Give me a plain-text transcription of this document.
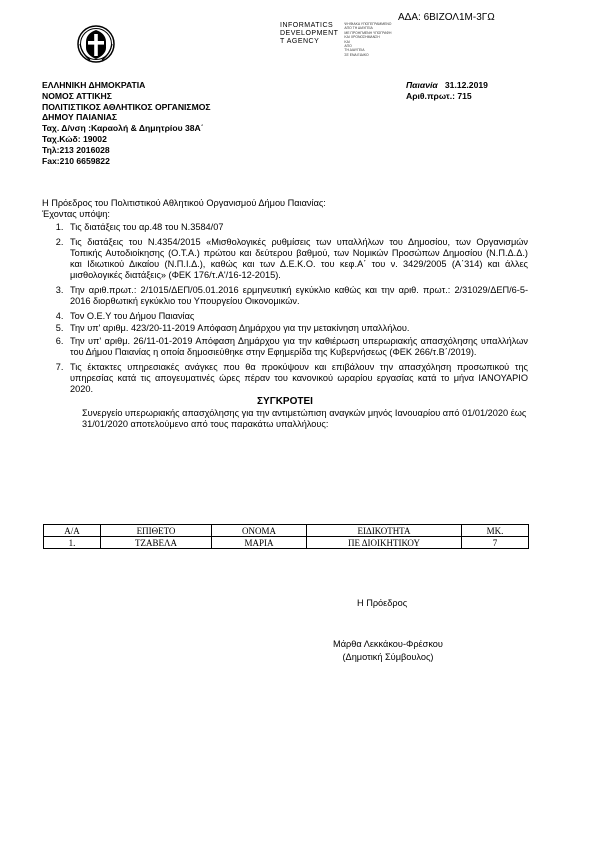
ΑΔΑ: 6ΒΙΖΟΛ1Μ-3ΓΩ
INFORMATICS
DEVELOPMENT
T AGENCY
ΨΗΦΙΑΚΑ ΥΠΟΓΕΓΡΑΜΜΕΝΟ
ΑΠΟ ΤΗ ΔΙΑΥΓΕΙΑ
ΜΕ ΠΡΟΗΓΜΕΝΗ ΥΠΟΓΡΑΦΗ
ΚΑΙ ΧΡΟΝΟΣΗΜΑΝΣΗ
ΚΑΙ
ΑΠΟ
ΤΗ ΔΙΑΥΓΕΙΑ
ΣΕ ΕΝΑ ΕΙΔΙΚΟ
ΕΛΛΗΝΙΚΗ ΔΗΜΟΚΡΑΤΙΑ
ΝΟΜΟΣ ΑΤΤΙΚΗΣ
ΠΟΛΙΤΙΣΤΙΚΟΣ ΑΘΛΗΤΙΚΟΣ ΟΡΓΑΝΙΣΜΟΣ
ΔΗΜΟΥ ΠΑΙΑΝΙΑΣ
Ταχ. Δ/νση :Καραολή & Δημητρίου 38Α΄
Ταχ.Κώδ: 19002
Τηλ:213 2016028
Fax:210 6659822
Παιανία 31.12.2019
Αριθ.πρωτ.: 715

Η Πρόεδρος του Πολιτιστικού Αθλητικού Οργανισμού Δήμου Παιανίας:

Έχοντας υπόψη:

1. Τις διατάξεις του αρ.48 του Ν.3584/07
2. Τις διατάξεις του Ν.4354/2015 «Μισθολογικές ρυθμίσεις των υπαλλήλων του Δημοσίου, των Οργανισμών Τοπικής Αυτοδιοίκησης (Ο.Τ.Α.) πρώτου και δεύτερου βαθμού, των Νομικών Προσώπων Δημοσίου (Ν.Π.Δ.Δ.) και Ιδιωτικού Δικαίου (Ν.Π.Ι.Δ.), καθώς και των Δ.Ε.Κ.Ο. του κεφ.Α΄ του ν. 3429/2005 (Α΄314) και άλλες μισθολογικές διατάξεις» (ΦΕΚ 176/τ.Α'/16-12-2015).
3. Την αριθ.πρωτ.: 2/1015/ΔΕΠ/05.01.2016 ερμηνευτική εγκύκλιο καθώς και την αριθ. πρωτ.: 2/31029/ΔΕΠ/6-5-2016 διορθωτική εγκύκλιο του Υπουργείου Οικονομικών.
4. Τον Ο.Ε.Υ του Δήμου Παιανίας
5. Την υπ' αριθμ. 423/20-11-2019 Απόφαση Δημάρχου για την μετακίνηση υπαλλήλου.
6. Την υπ' αριθμ. 26/11-01-2019 Απόφαση Δημάρχου για την καθιέρωση υπερωριακής απασχόλησης υπαλλήλων του Δήμου Παιανίας η οποία δημοσιεύθηκε στην Εφημερίδα της Κυβερνήσεως (ΦΕΚ 266/τ.Β΄/2019).
7. Τις έκτακτες υπηρεσιακές ανάγκες που θα προκύψουν και επιβάλουν την απασχόληση προσωπικού της υπηρεσίας κατά τις απογευματινές ώρες πέραν του κανονικού ωραρίου εργασίας κατά το μήνα ΙΑΝΟΥΑΡΙΟ 2020.

ΣΥΓΚΡΟΤΕΙ

Συνεργείο υπερωριακής απασχόλησης για την αντιμετώπιση αναγκών μηνός Ιανουαρίου από 01/01/2020 έως 31/01/2020 αποτελούμενο από τους παρακάτω υπαλλήλους:

Α/Α	ΕΠΙΘΕΤΟ	ΟΝΟΜΑ	ΕΙΔΙΚΟΤΗΤΑ	ΜΚ.
1.	ΤΖΑΒΕΛΑ	ΜΑΡΙΑ	ΠΕ ΔΙΟΙΚΗΤΙΚΟΥ	7
Η Πρόεδρος
Μάρθα Λεκκάκου-Φρέσκου
(Δημοτική Σύμβουλος)
